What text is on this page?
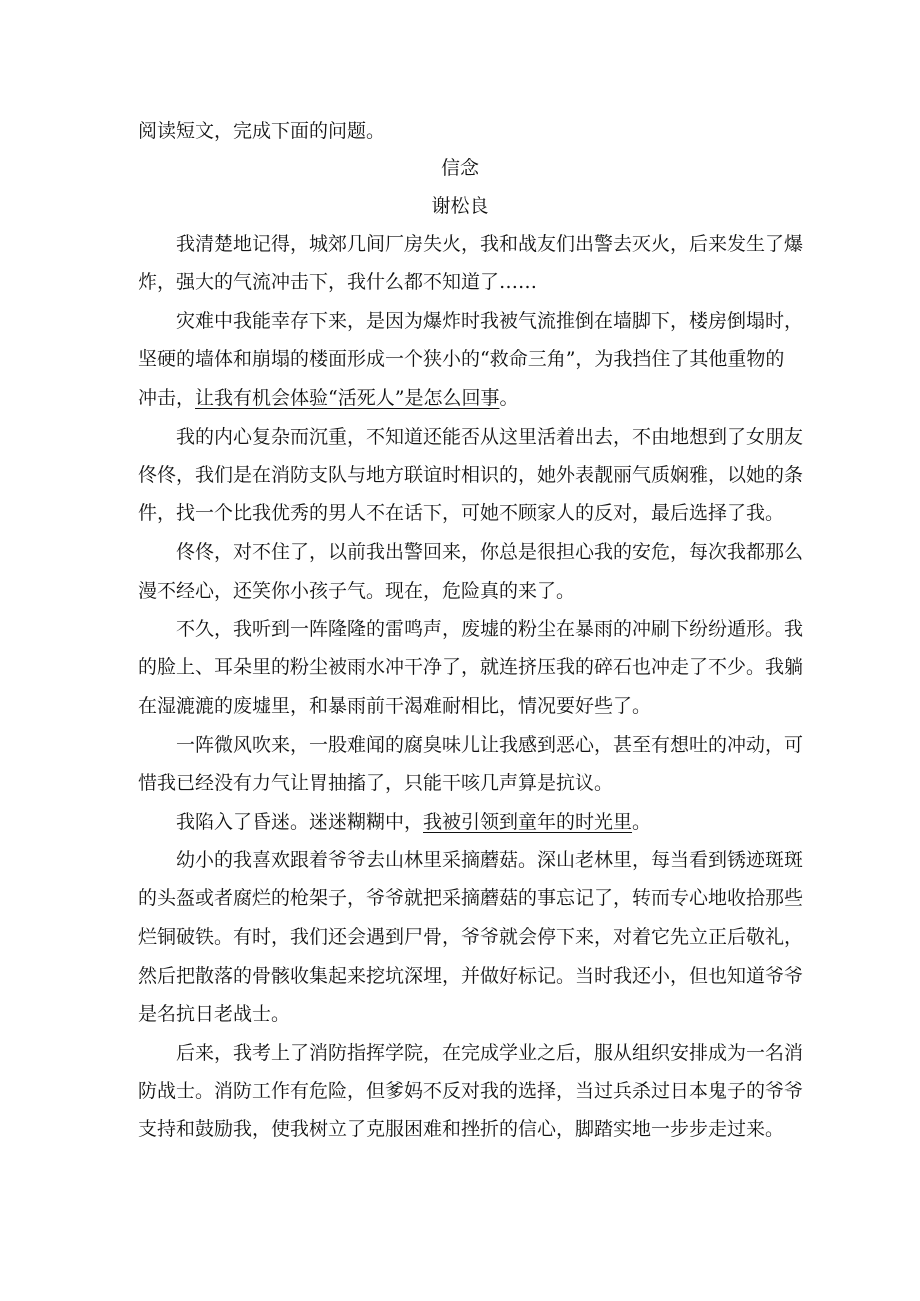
阅读短文，完成下面的问题。
信念
谢松良
我清楚地记得，城郊几间厂房失火，我和战友们出警去灭火，后来发生了爆
炸，强大的气流冲击下，我什么都不知道了……
灾难中我能幸存下来，是因为爆炸时我被气流推倒在墙脚下，楼房倒塌时，
坚硬的墙体和崩塌的楼面形成一个狭小的“救命三角”，为我挡住了其他重物的
冲击，让我有机会体验“活死人”是怎么回事。
我的内心复杂而沉重，不知道还能否从这里活着出去，不由地想到了女朋友
佟佟，我们是在消防支队与地方联谊时相识的，她外表靓丽气质娴雅，以她的条
件，找一个比我优秀的男人不在话下，可她不顾家人的反对，最后选择了我。
佟佟，对不住了，以前我出警回来，你总是很担心我的安危，每次我都那么
漫不经心，还笑你小孩子气。现在，危险真的来了。
不久，我听到一阵隆隆的雷鸣声，废墟的粉尘在暴雨的冲刷下纷纷遁形。我
的脸上、耳朵里的粉尘被雨水冲干净了，就连挤压我的碎石也冲走了不少。我躺
在湿漉漉的废墟里，和暴雨前干渴难耐相比，情况要好些了。
一阵微风吹来，一股难闻的腐臭味儿让我感到恶心，甚至有想吐的冲动，可
惜我已经没有力气让胃抽搐了，只能干咳几声算是抗议。
我陷入了昏迷。迷迷糊糊中，我被引领到童年的时光里。
幼小的我喜欢跟着爷爷去山林里采摘蘑菇。深山老林里，每当看到锈迹斑斑
的头盔或者腐烂的枪架子，爷爷就把采摘蘑菇的事忘记了，转而专心地收拾那些
烂铜破铁。有时，我们还会遇到尸骨，爷爷就会停下来，对着它先立正后敬礼，
然后把散落的骨骸收集起来挖坑深埋，并做好标记。当时我还小，但也知道爷爷
是名抗日老战士。
后来，我考上了消防指挥学院，在完成学业之后，服从组织安排成为一名消
防战士。消防工作有危险，但爹妈不反对我的选择，当过兵杀过日本鬼子的爷爷
支持和鼓励我，使我树立了克服困难和挫折的信心，脚踏实地一步步走过来。
